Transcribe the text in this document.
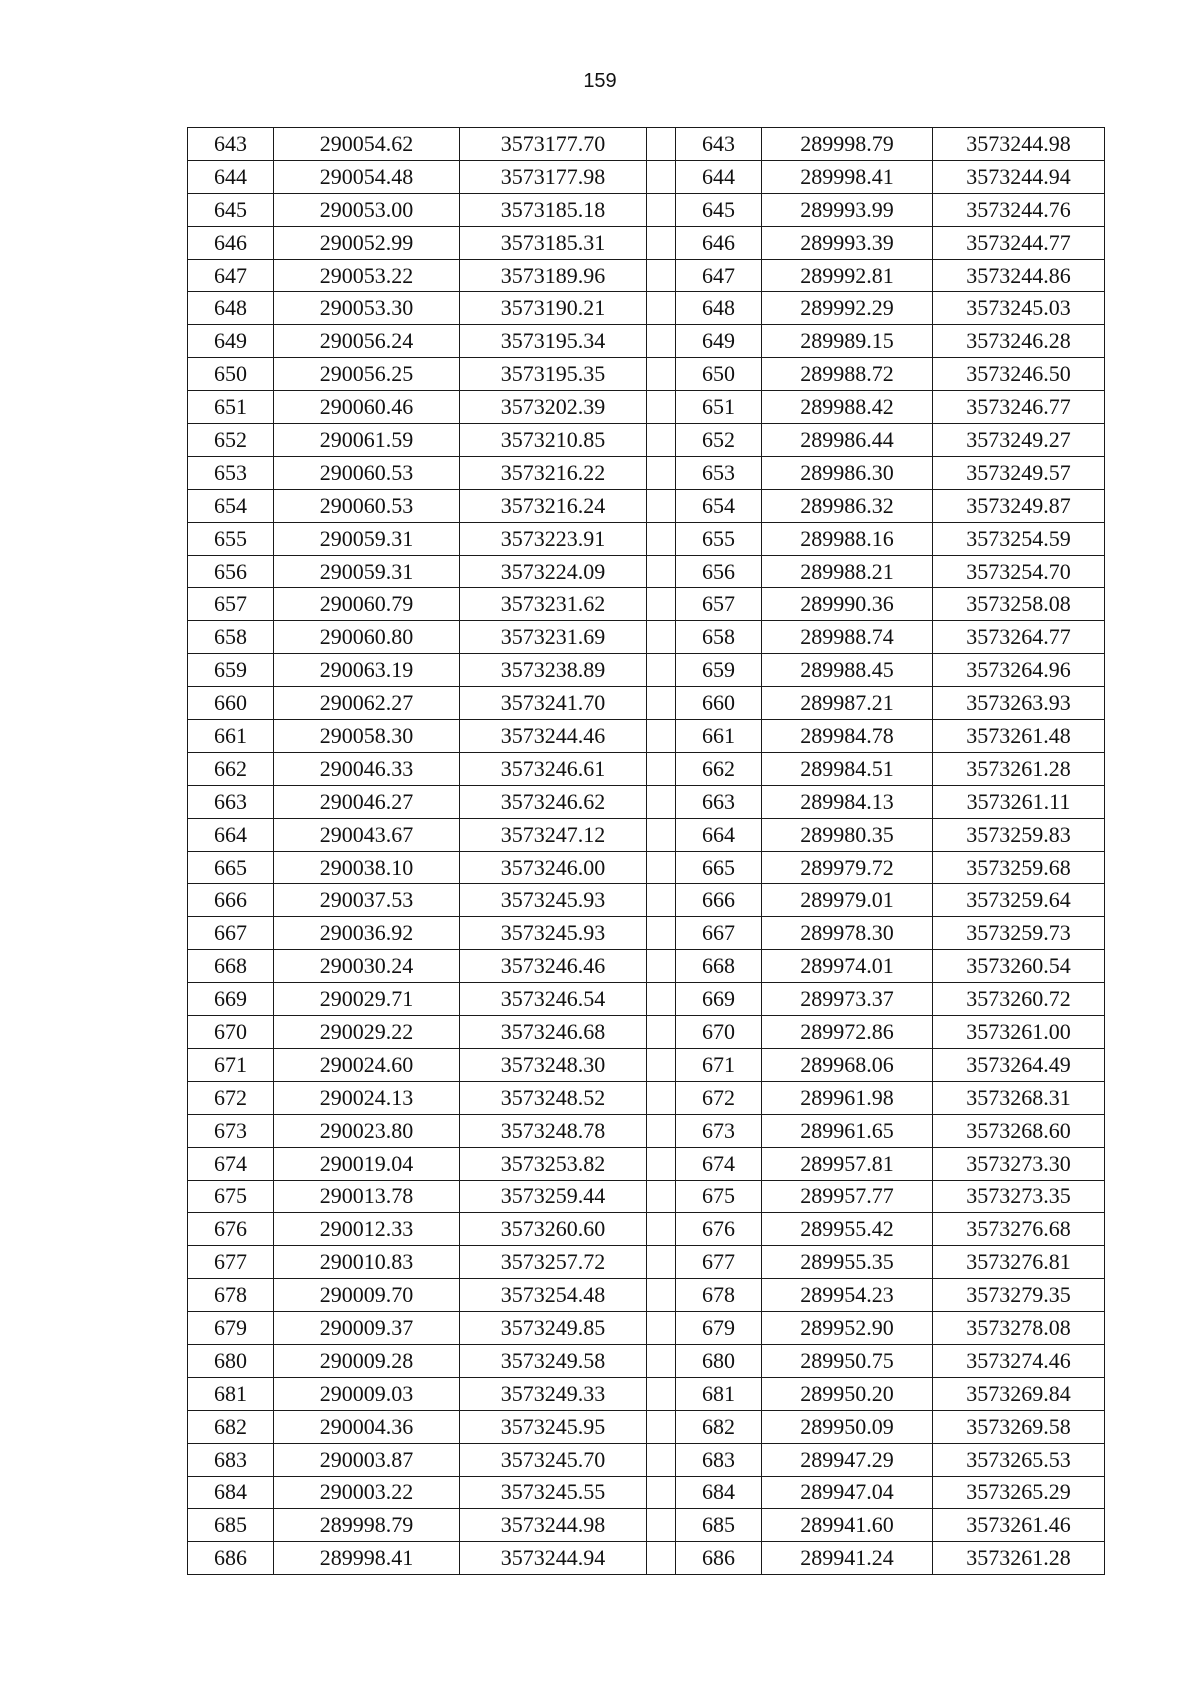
159
643	290054.62	3573177.70		643	289998.79	3573244.98
644	290054.48	3573177.98		644	289998.41	3573244.94
645	290053.00	3573185.18		645	289993.99	3573244.76
646	290052.99	3573185.31		646	289993.39	3573244.77
647	290053.22	3573189.96		647	289992.81	3573244.86
648	290053.30	3573190.21		648	289992.29	3573245.03
649	290056.24	3573195.34		649	289989.15	3573246.28
650	290056.25	3573195.35		650	289988.72	3573246.50
651	290060.46	3573202.39		651	289988.42	3573246.77
652	290061.59	3573210.85		652	289986.44	3573249.27
653	290060.53	3573216.22		653	289986.30	3573249.57
654	290060.53	3573216.24		654	289986.32	3573249.87
655	290059.31	3573223.91		655	289988.16	3573254.59
656	290059.31	3573224.09		656	289988.21	3573254.70
657	290060.79	3573231.62		657	289990.36	3573258.08
658	290060.80	3573231.69		658	289988.74	3573264.77
659	290063.19	3573238.89		659	289988.45	3573264.96
660	290062.27	3573241.70		660	289987.21	3573263.93
661	290058.30	3573244.46		661	289984.78	3573261.48
662	290046.33	3573246.61		662	289984.51	3573261.28
663	290046.27	3573246.62		663	289984.13	3573261.11
664	290043.67	3573247.12		664	289980.35	3573259.83
665	290038.10	3573246.00		665	289979.72	3573259.68
666	290037.53	3573245.93		666	289979.01	3573259.64
667	290036.92	3573245.93		667	289978.30	3573259.73
668	290030.24	3573246.46		668	289974.01	3573260.54
669	290029.71	3573246.54		669	289973.37	3573260.72
670	290029.22	3573246.68		670	289972.86	3573261.00
671	290024.60	3573248.30		671	289968.06	3573264.49
672	290024.13	3573248.52		672	289961.98	3573268.31
673	290023.80	3573248.78		673	289961.65	3573268.60
674	290019.04	3573253.82		674	289957.81	3573273.30
675	290013.78	3573259.44		675	289957.77	3573273.35
676	290012.33	3573260.60		676	289955.42	3573276.68
677	290010.83	3573257.72		677	289955.35	3573276.81
678	290009.70	3573254.48		678	289954.23	3573279.35
679	290009.37	3573249.85		679	289952.90	3573278.08
680	290009.28	3573249.58		680	289950.75	3573274.46
681	290009.03	3573249.33		681	289950.20	3573269.84
682	290004.36	3573245.95		682	289950.09	3573269.58
683	290003.87	3573245.70		683	289947.29	3573265.53
684	290003.22	3573245.55		684	289947.04	3573265.29
685	289998.79	3573244.98		685	289941.60	3573261.46
686	289998.41	3573244.94		686	289941.24	3573261.28
